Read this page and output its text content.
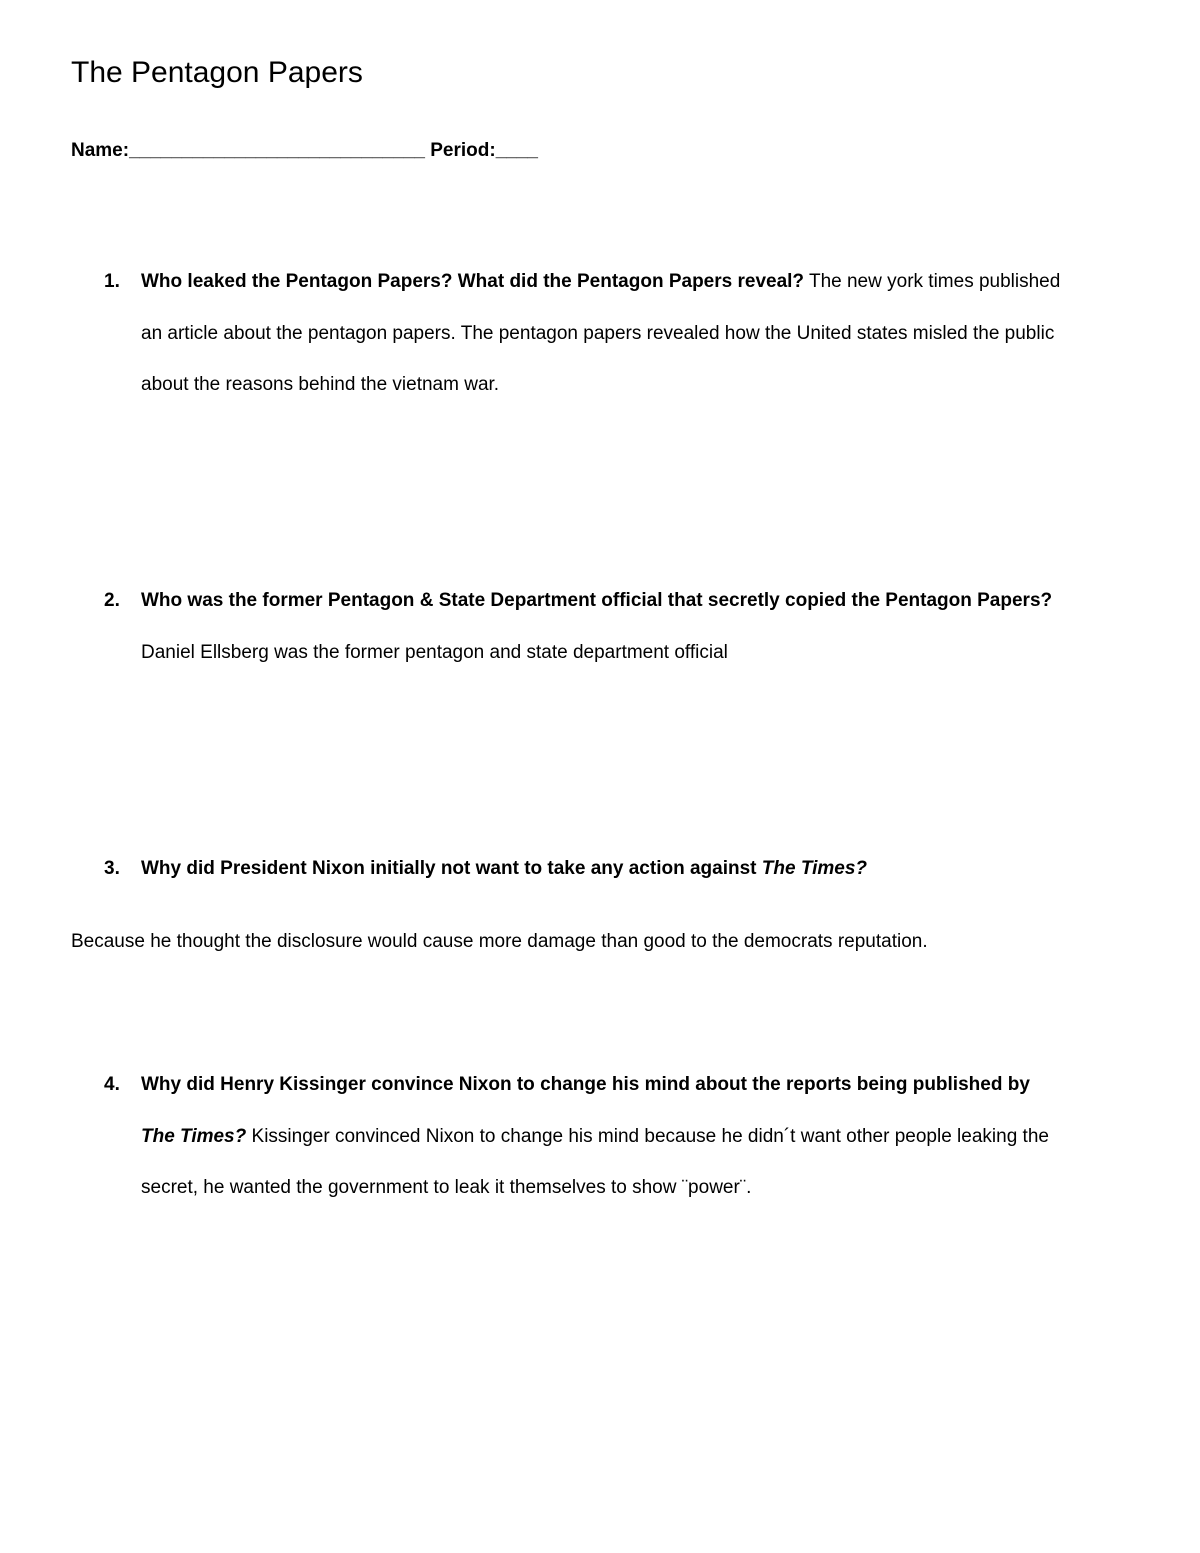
The Pentagon Papers
Name:____________________________ Period:____
1. Who leaked the Pentagon Papers? What did the Pentagon Papers reveal? The new york times published an article about the pentagon papers. The pentagon papers revealed how the United states misled the public about the reasons behind the vietnam war.
2. Who was the former Pentagon & State Department official that secretly copied the Pentagon Papers? Daniel Ellsberg was the former pentagon and state department official
3. Why did President Nixon initially not want to take any action against The Times?
Because he thought the disclosure would cause more damage than good to the democrats reputation.
4. Why did Henry Kissinger convince Nixon to change his mind about the reports being published by The Times? Kissinger convinced Nixon to change his mind because he didn´t want other people leaking the secret, he wanted the government to leak it themselves to show ¨power¨.
